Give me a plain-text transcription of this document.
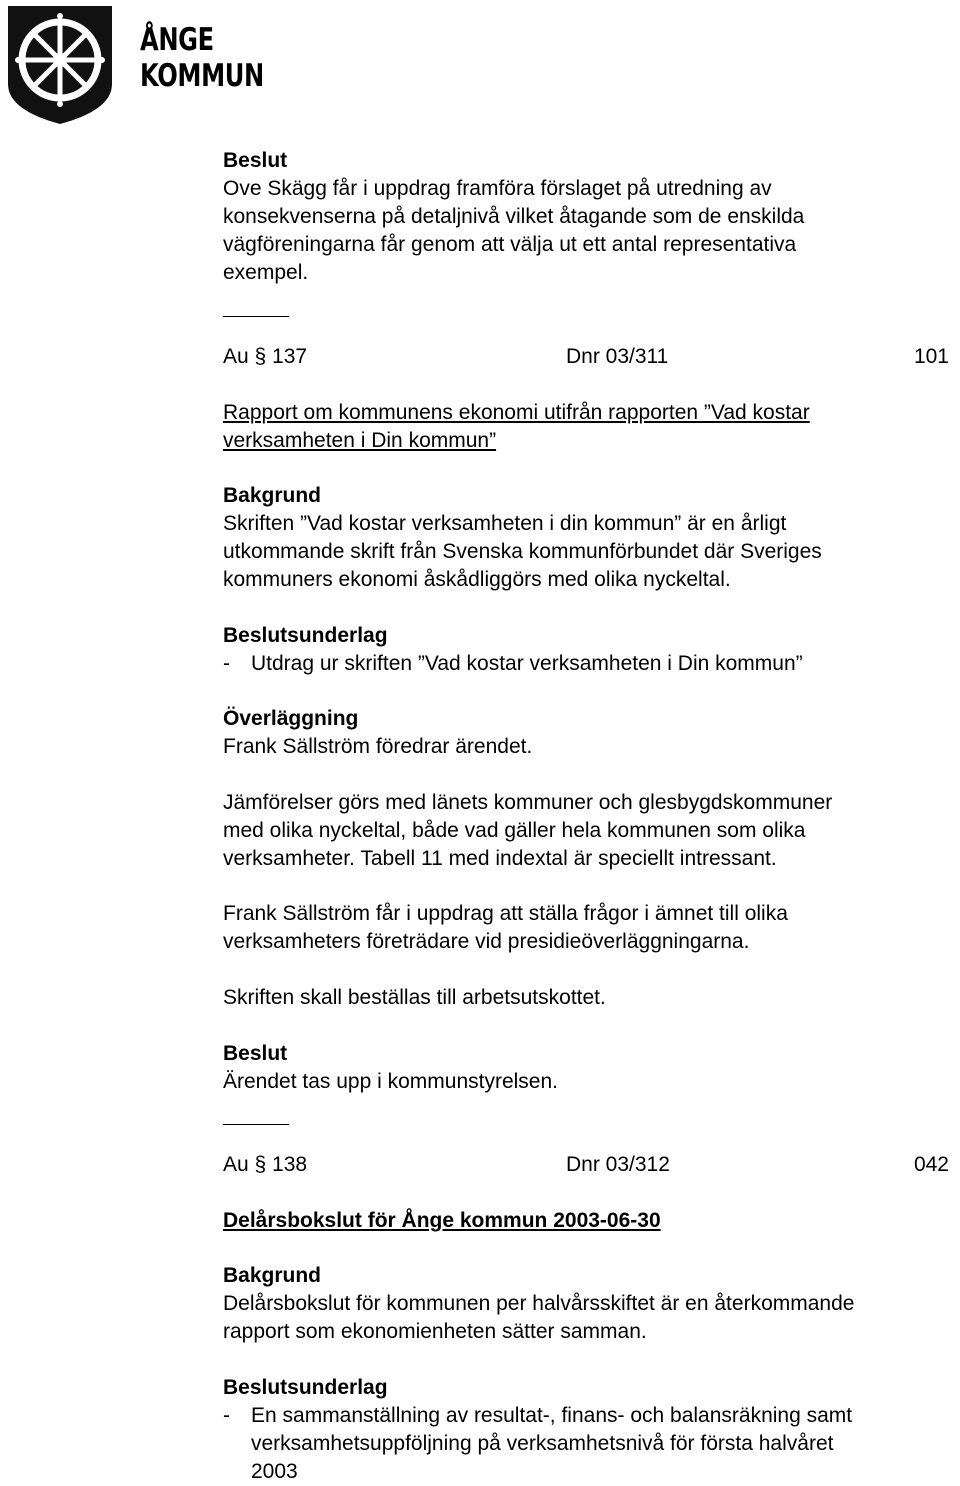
ÅNGE
KOMMUN
Beslut
Ove Skägg får i uppdrag framföra förslaget på utredning av
konsekvenserna på detaljnivå vilket åtagande som de enskilda
vägföreningarna får genom att välja ut ett antal representativa
exempel.
Au § 137	Dnr 03/311	101
Rapport om kommunens ekonomi utifrån rapporten ”Vad kostar
verksamheten i Din kommun”
Bakgrund
Skriften ”Vad kostar verksamheten i din kommun” är en årligt
utkommande skrift från Svenska kommunförbundet där Sveriges
kommuners ekonomi åskådliggörs med olika nyckeltal.
Beslutsunderlag
- Utdrag ur skriften ”Vad kostar verksamheten i Din kommun”
Överläggning
Frank Sällström föredrar ärendet.
Jämförelser görs med länets kommuner och glesbygdskommuner
med olika nyckeltal, både vad gäller hela kommunen som olika
verksamheter. Tabell 11 med indextal är speciellt intressant.
Frank Sällström får i uppdrag att ställa frågor i ämnet till olika
verksamheters företrädare vid presidieöverläggningarna.
Skriften skall beställas till arbetsutskottet.
Beslut
Ärendet tas upp i kommunstyrelsen.
Au § 138	Dnr 03/312	042
Delårsbokslut för Ånge kommun 2003-06-30
Bakgrund
Delårsbokslut för kommunen per halvårsskiftet är en återkommande
rapport som ekonomienheten sätter samman.
Beslutsunderlag
- En sammanställning av resultat-, finans- och balansräkning samt
verksamhetsuppföljning på verksamhetsnivå för första halvåret
2003
